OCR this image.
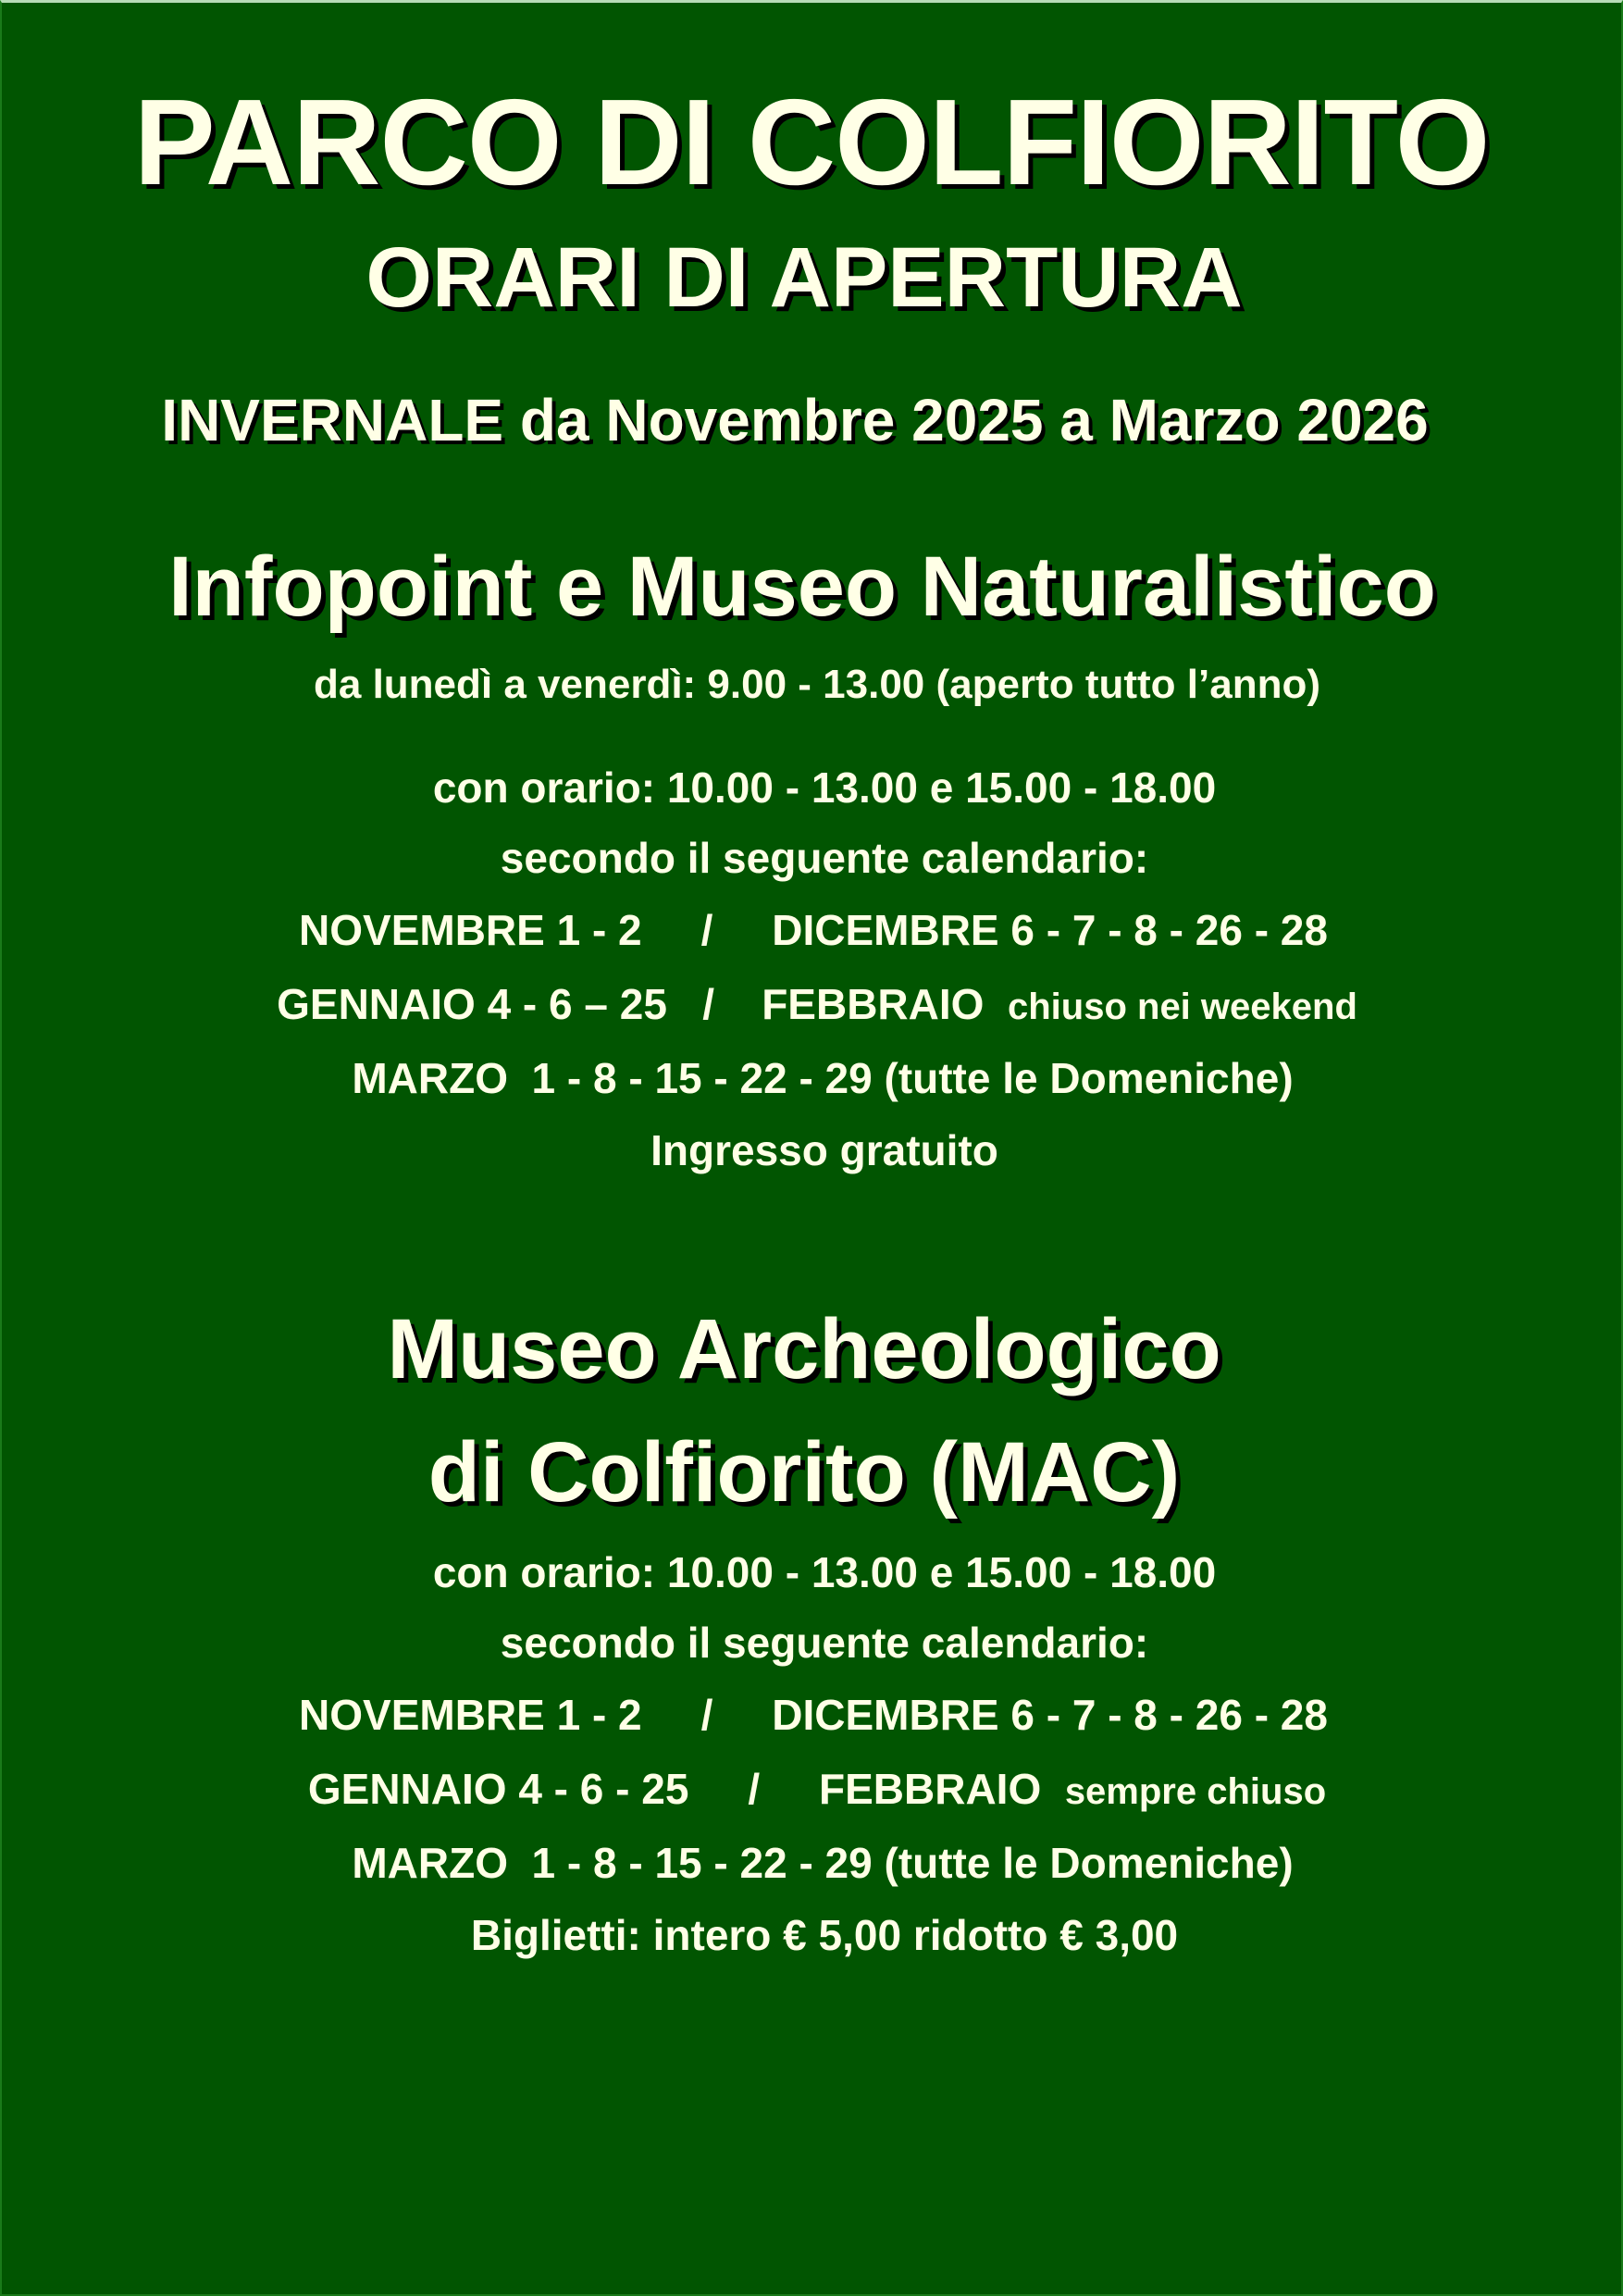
PARCO DI COLFIORITO
ORARI DI APERTURA
INVERNALE da Novembre 2025 a Marzo 2026
Infopoint e Museo Naturalistico
da lunedì a venerdì: 9.00 - 13.00 (aperto tutto l’anno)
con orario: 10.00 - 13.00 e 15.00 - 18.00
secondo il seguente calendario:
NOVEMBRE 1 - 2 / DICEMBRE 6 - 7 - 8 - 26 - 28
GENNAIO 4 - 6 – 25 / FEBBRAIO chiuso nei weekend
MARZO  1 - 8 - 15 - 22 - 29 (tutte le Domeniche)
Ingresso gratuito
Museo Archeologico
di Colfiorito (MAC)
con orario: 10.00 - 13.00 e 15.00 - 18.00
secondo il seguente calendario:
NOVEMBRE 1 - 2 / DICEMBRE 6 - 7 - 8 - 26 - 28
GENNAIO 4 - 6 - 25 / FEBBRAIO sempre chiuso
MARZO  1 - 8 - 15 - 22 - 29 (tutte le Domeniche)
Biglietti: intero € 5,00 ridotto € 3,00
